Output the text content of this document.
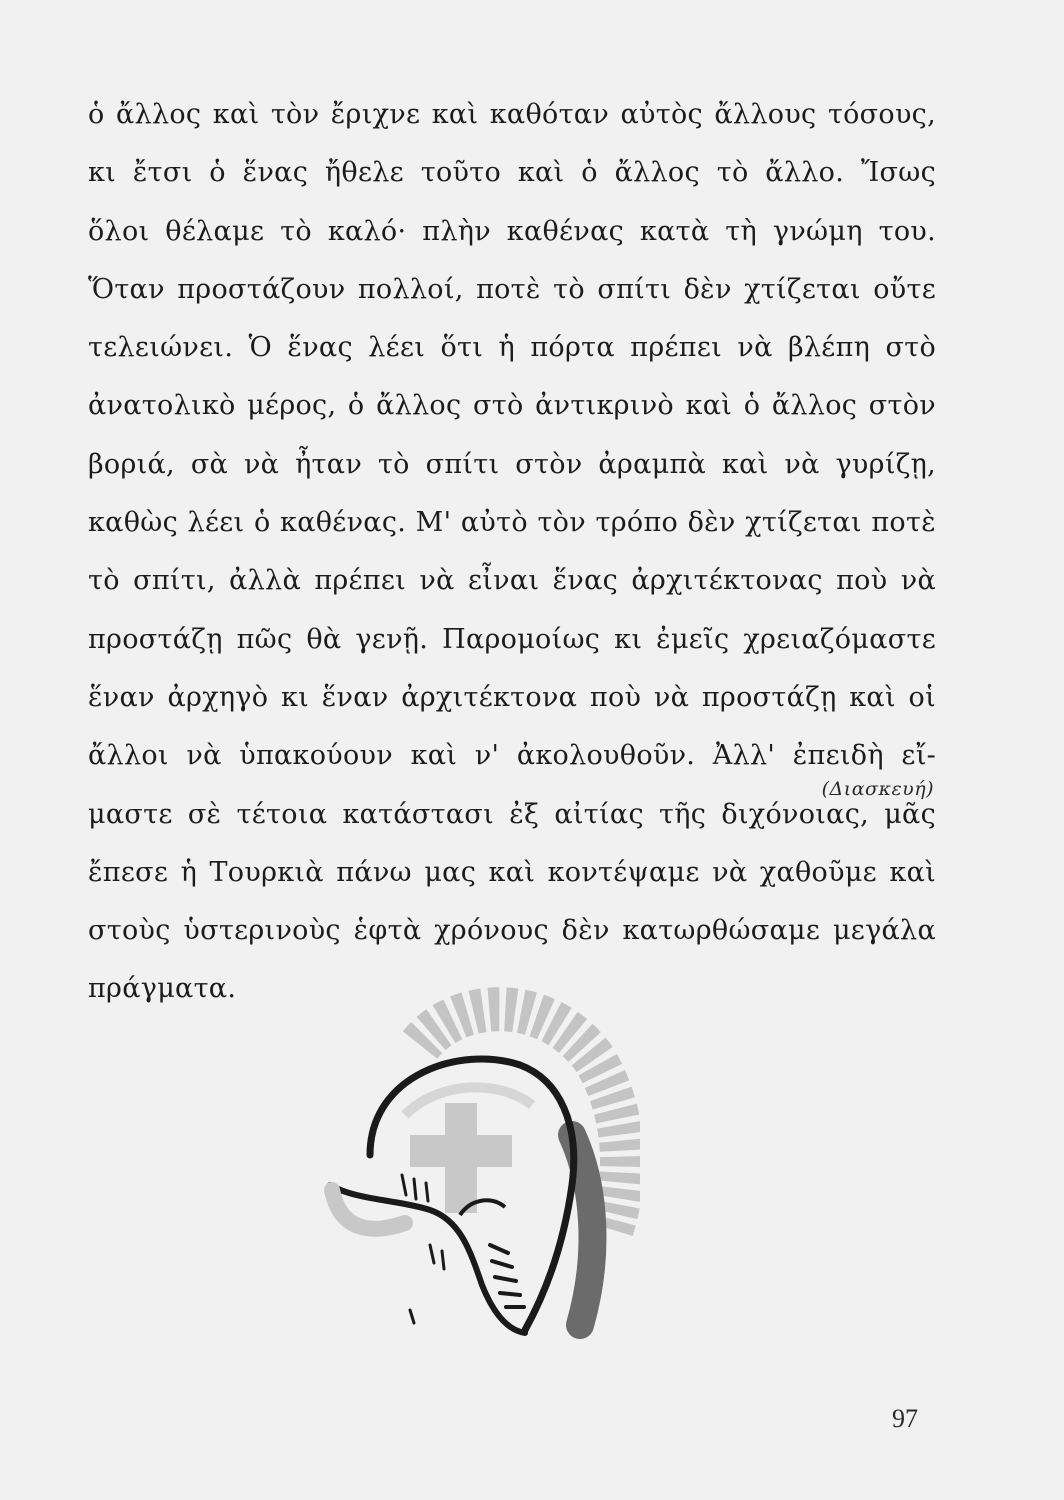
ὁ ἄλλος καὶ τὸν ἔριχνε καὶ καθόταν αὐτὸς ἄλλους τόσους,
κι ἔτσι ὁ ἕνας ἤθελε τοῦτο καὶ ὁ ἄλλος τὸ ἄλλο. Ἴσως
ὅλοι θέλαμε τὸ καλό· πλὴν καθένας κατὰ τὴ γνώμη του.
Ὅταν προστάζουν πολλοί, ποτὲ τὸ σπίτι δὲν χτίζεται οὔτε
τελειώνει. Ὁ ἕνας λέει ὅτι ἡ πόρτα πρέπει νὰ βλέπη στὸ
ἀνατολικὸ μέρος, ὁ ἄλλος στὸ ἀντικρινὸ καὶ ὁ ἄλλος στὸν
βοριά, σὰ νὰ ἦταν τὸ σπίτι στὸν ἀραμπὰ καὶ νὰ γυρίζῃ,
καθὼς λέει ὁ καθένας. Μ' αὐτὸ τὸν τρόπο δὲν χτίζεται ποτὲ
τὸ σπίτι, ἀλλὰ πρέπει νὰ εἶναι ἕνας ἀρχιτέκτονας ποὺ νὰ
προστάζῃ πῶς θὰ γενῇ. Παρομοίως κι ἐμεῖς χρειαζόμαστε
ἕναν ἀρχηγὸ κι ἕναν ἀρχιτέκτονα ποὺ νὰ προστάζῃ καὶ οἱ
ἄλλοι νὰ ὑπακούουν καὶ ν' ἀκολουθοῦν. Ἀλλ' ἐπειδὴ εἴ-
μαστε σὲ τέτοια κατάστασι ἐξ αἰτίας τῆς διχόνοιας, μᾶς
ἔπεσε ἡ Τουρκιὰ πάνω μας καὶ κοντέψαμε νὰ χαθοῦμε καὶ
στοὺς ὑστερινοὺς ἑφτὰ χρόνους δὲν κατωρθώσαμε μεγάλα
πράγματα.
(Διασκευή)
97
